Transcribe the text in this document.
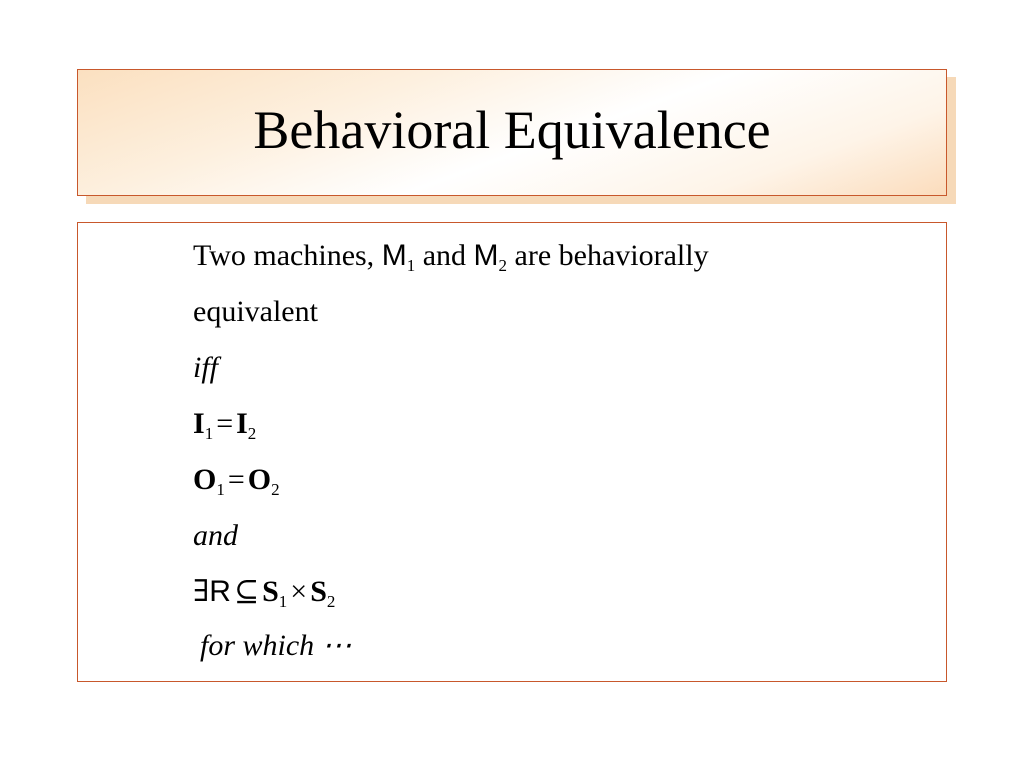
Behavioral Equivalence
Two machines, $M_1$ and $M_2$ are behaviorally
equivalent
iff
$I_1 = I_2$
$O_1 = O_2$
and
∃R ⊆ $S_1 \times S_2$
for which ⋯
